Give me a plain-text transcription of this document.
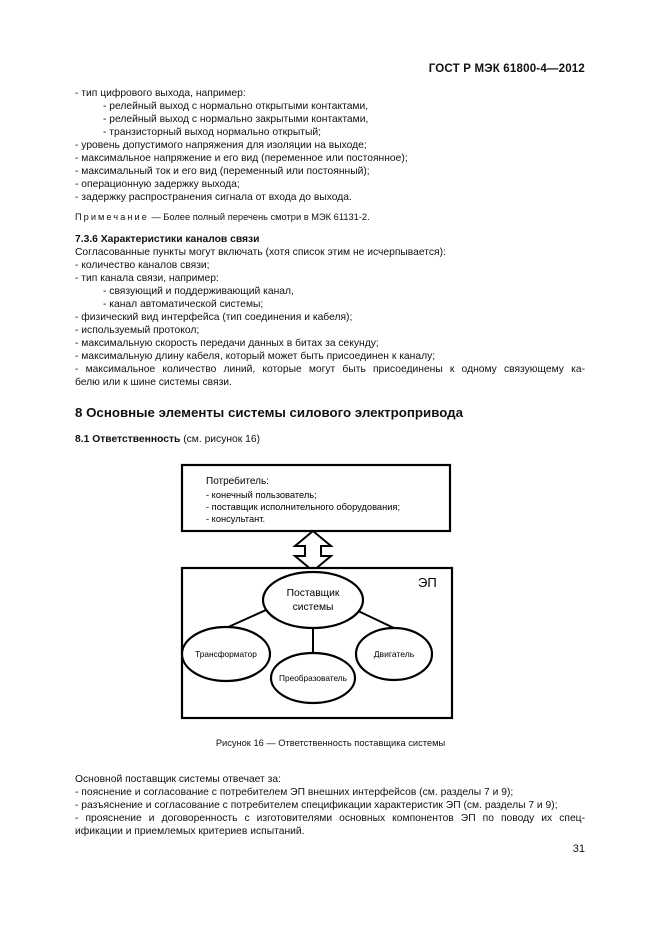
ГОСТ Р МЭК 61800-4—2012
- тип цифрового выхода, например:
- релейный выход с нормально открытыми контактами,
- релейный выход с нормально закрытыми контактами,
- транзисторный выход нормально открытый;
- уровень допустимого напряжения для изоляции на выходе;
- максимальное напряжение и его вид (переменное или постоянное);
- максимальный ток и его вид (переменный или постоянный);
- операционную задержку выхода;
- задержку распространения сигнала от входа до выхода.
Примечание — Более полный перечень смотри в МЭК 61131-2.
7.3.6 Характеристики каналов связи
Согласованные пункты могут включать (хотя список этим не исчерпывается):
- количество каналов связи;
- тип канала связи, например:
- связующий и поддерживающий канал,
- канал автоматической системы;
- физический вид интерфейса (тип соединения и кабеля);
- используемый протокол;
- максимальную скорость передачи данных в битах за секунду;
- максимальную длину кабеля, который может быть присоединен к каналу;
- максимальное количество линий, которые могут быть присоединены к одному связующему ка-
белю или к шине системы связи.
8 Основные элементы системы силового электропривода
8.1 Ответственность (см. рисунок 16)
Потребитель:
- конечный пользователь;
- поставщик исполнительного оборудования;
- консультант.
ЭП
Поставщик
системы
Трансформатор	Двигатель
Преобразователь
Рисунок 16 — Ответственность поставщика системы
Основной поставщик системы отвечает за:
- пояснение и согласование с потребителем ЭП внешних интерфейсов (см. разделы 7 и 9);
- разъяснение и согласование с потребителем спецификации характеристик ЭП (см. разделы 7 и 9);
- прояснение и договоренность с изготовителями основных компонентов ЭП по поводу их спец-
ификации и приемлемых критериев испытаний.
31
